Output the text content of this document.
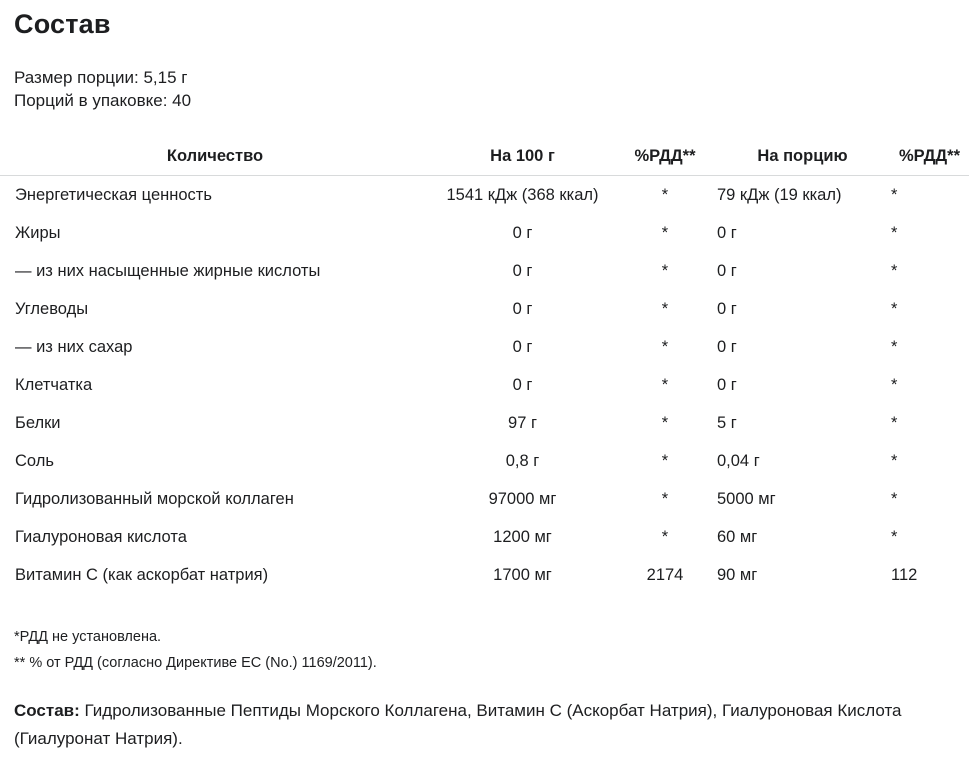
Состав

Размер порции: 5,15 г

Порций в упаковке: 40

Количество	На 100 г	%РДД**	На порцию	%РДД**
Энергетическая ценность	1541 кДж (368 ккал)	*	79 кДж (19 ккал)	*
Жиры	0 г	*	0 г	*
— из них насыщенные жирные кислоты	0 г	*	0 г	*
Углеводы	0 г	*	0 г	*
— из них сахар	0 г	*	0 г	*
Клетчатка	0 г	*	0 г	*
Белки	97 г	*	5 г	*
Соль	0,8 г	*	0,04 г	*
Гидролизованный морской коллаген	97000 мг	*	5000 мг	*
Гиалуроновая кислота	1200 мг	*	60 мг	*
Витамин C (как аскорбат натрия)	1700 мг	2174	90 мг	112

*РДД не установлена.

** % от РДД (согласно Директиве ЕС (No.) 1169/2011).

Состав: Гидролизованные Пептиды Морского Коллагена, Витамин C (Аскорбат Натрия), Гиалуроновая Кислота (Гиалуронат Натрия).
